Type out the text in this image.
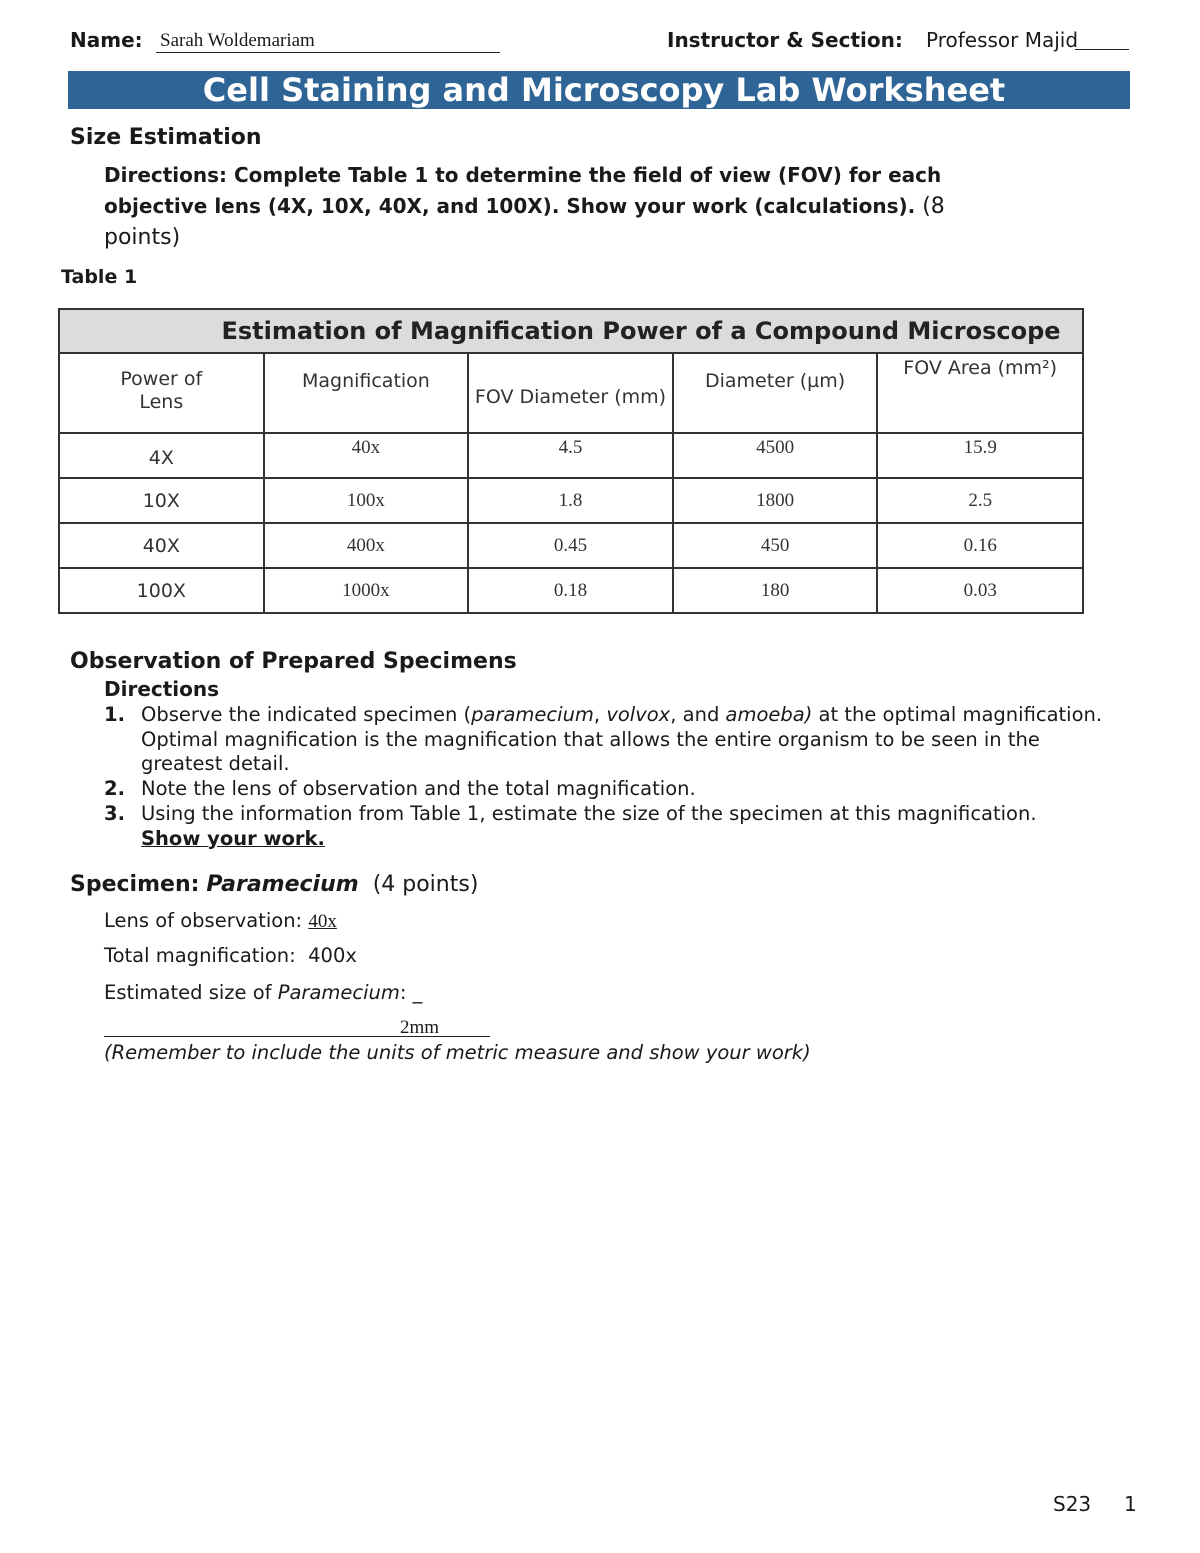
Name: Sarah Woldemariam	Instructor & Section: Professor Majid
Cell Staining and Microscopy Lab Worksheet
Size Estimation
Directions: Complete Table 1 to determine the field of view (FOV) for each objective lens (4X, 10X, 40X, and 100X). Show your work (calculations). (8 points)
Table 1
Estimation of Magnification Power of a Compound Microscope				

Power of Lens	Magnification	FOV Diameter (mm)	Diameter (µm)	FOV Area (mm²)

4X	40x	4.5	4500	15.9
10X	100x	1.8	1800	2.5
40X	400x	0.45	450	0.16
100X	1000x	0.18	180	0.03
Observation of Prepared Specimens
Directions
1. Observe the indicated specimen (paramecium, volvox, and amoeba) at the optimal magnification. Optimal magnification is the magnification that allows the entire organism to be seen in the greatest detail.
2. Note the lens of observation and the total magnification.
3. Using the information from Table 1, estimate the size of the specimen at this magnification.  Show your work.
Specimen: Paramecium (4 points)
Lens of observation: 40x
Total magnification: 400x
Estimated size of Paramecium: _
2mm
(Remember to include the units of metric measure and show your work)
S23 1
